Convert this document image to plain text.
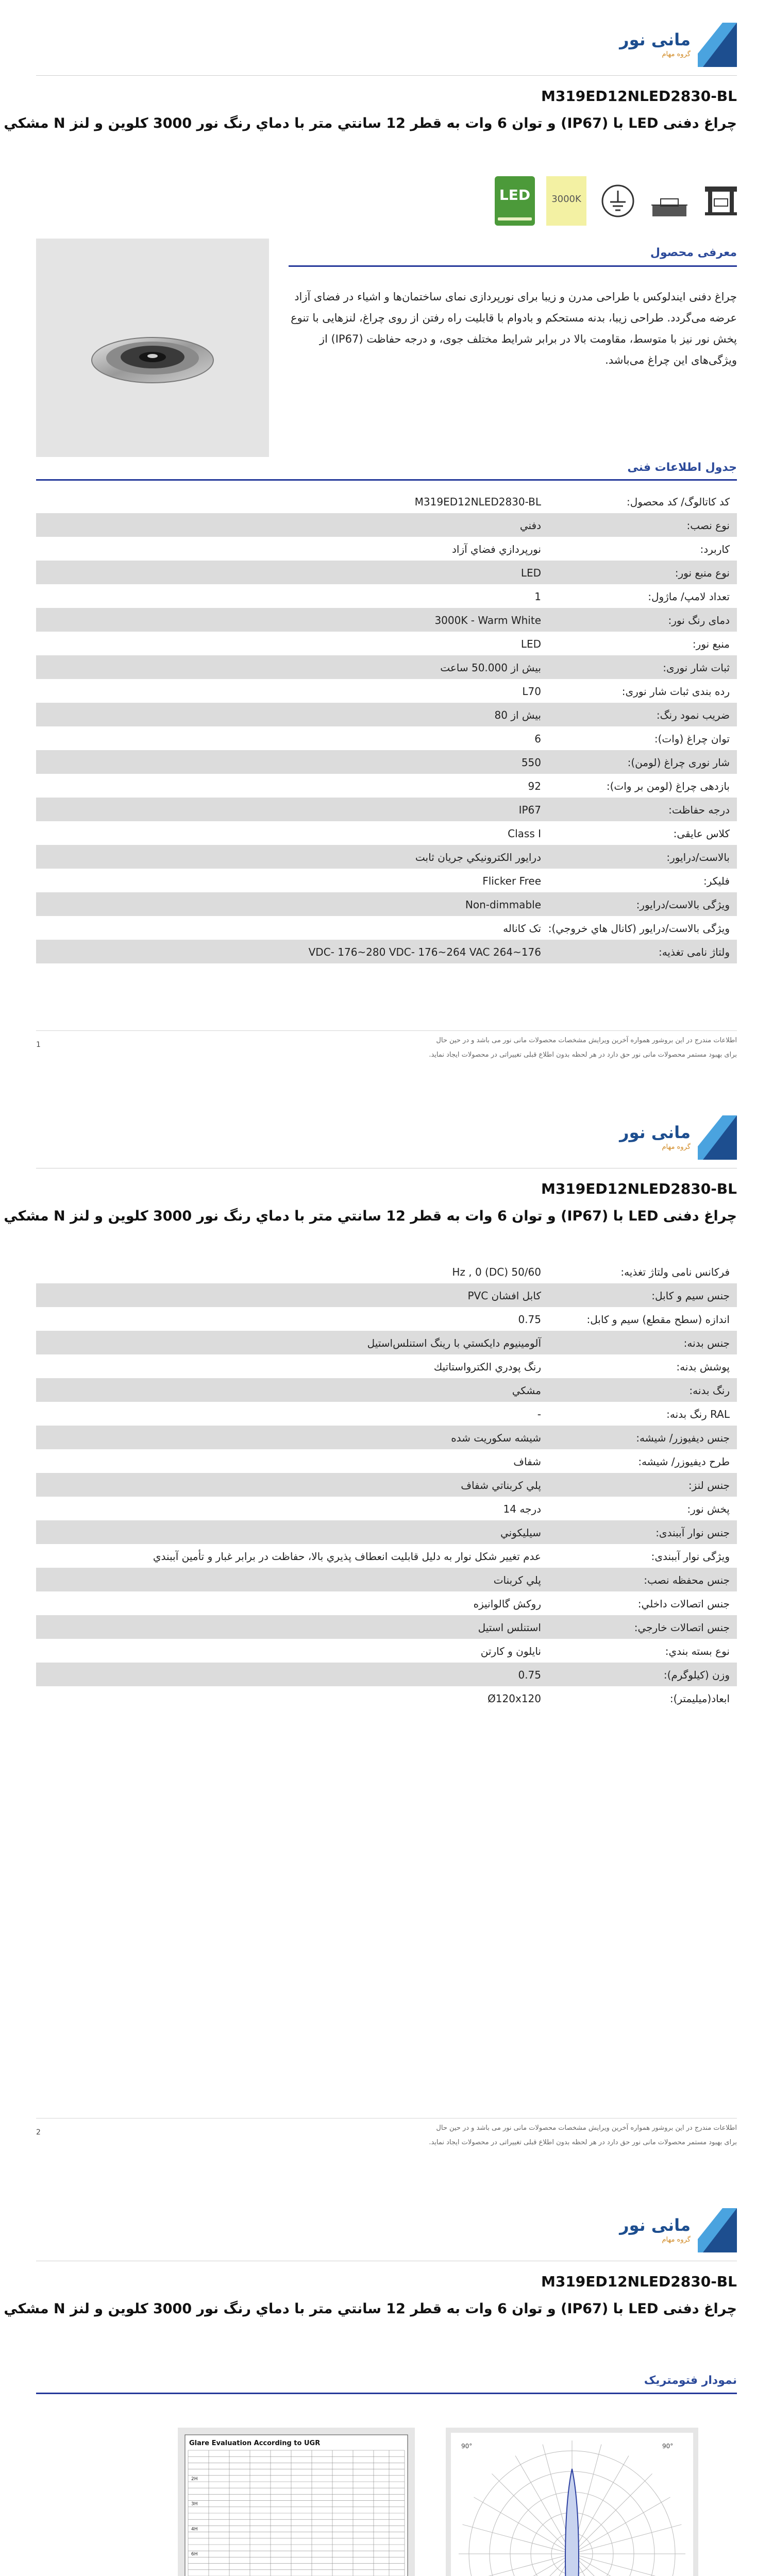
مانی نور
گروه مهام
M319ED12NLED2830-BL
چراغ دفنی LED با (IP67) و توان 6 وات به قطر 12 سانتي متر با دماي رنگ نور 3000 كلوين و لنز N مشكي
LED	3000K
معرفی محصول
چراغ دفنی ایندلوکس با طراحی مدرن و زیبا برای نورپردازی نمای ساختمان‌ها و اشیاء در فضای آزاد عرضه می‌گردد. طراحی زیبا، بدنه مستحکم و بادوام با قابلیت راه رفتن از روی چراغ، لنزهایی با تنوع پخش نور نیز با متوسط، مقاومت بالا در برابر شرایط مختلف جوی، و درجه حفاظت (IP67) از ویژگی‌های این چراغ می‌باشد.
جدول اطلاعات فنی
کد کاتالوگ/ کد محصول:
M319ED12NLED2830-BL
نوع نصب:
دفني
کاربرد:
نورپردازي فضاي آزاد
نوع منبع نور:
LED
تعداد لامپ/ ماژول:
1
دمای رنگ نور:
3000K - Warm White
منبع نور:
LED
ثبات شار نوری:
بیش از 50.000 ساعت
رده بندی ثبات شار نوری:
L70
ضریب نمود رنگ:
بیش از 80
توان چراغ (وات):
6
شار نوری چراغ (لومن):
550
بازدهی چراغ (لومن بر وات):
92
درجه حفاظت:
IP67
کلاس عایقی:
Class I
بالاست/درایور:
درايور الكترونيكي جريان ثابت
فلیکر:
Flicker Free
ویژگی بالاست/درایور:
Non-dimmable
ویژگی بالاست/درایور (کانال هاي خروجي):
تک کاناله
ولتاژ نامی تغذیه:
176~264 VDC- 176~280 VDC- 176~264 VAC
اطلاعات مندرج در این بروشور همواره آخرین ویرایش مشخصات محصولات مانی نور می باشد و در حین حال
برای بهبود مستمر محصولات مانی نور حق دارد در هر لحظه بدون اطلاع قبلی تغییراتی در محصولات ایجاد نماید.
1
مانی نور
گروه مهام
M319ED12NLED2830-BL
چراغ دفنی LED با (IP67) و توان 6 وات به قطر 12 سانتي متر با دماي رنگ نور 3000 كلوين و لنز N مشكي
فرکانس نامی ولتاژ تغذیه:
50/60 Hz , 0 (DC)
جنس سیم و کابل:
کابل افشان PVC
اندازه (سطح مقطع) سیم و کابل:
0.75
جنس بدنه:
آلومينيوم دايكستي با رينگ استنلس‌استيل
پوشش بدنه:
رنگ پودري الكترواستاتيك
رنگ بدنه:
مشكي
RAL رنگ بدنه:
-
جنس دیفیوزر/ شیشه:
شيشه سكوريت شده
طرح دیفیوزر/ شیشه:
شفاف
جنس لنز:
پلي كربناتي شفاف
پخش نور:
درجه 14
جنس نوار آببندی:
سيليكوني
ویژگی نوار آببندی:
عدم تغيير شكل نوار به دليل قابليت انعطاف پذيري بالا، حفاظت در برابر غبار و تأمين آببندي
جنس محفظه نصب:
پلي كربنات
جنس اتصالات داخلي:
روكش گالوانيزه
جنس اتصالات خارجي:
استنلس استيل
نوع بسته بندي:
نايلون و كارتن
وزن (كيلوگرم):
0.75
ابعاد(ميليمتر):
Ø120x120
اطلاعات مندرج در این بروشور همواره آخرین ویرایش مشخصات محصولات مانی نور می باشد و در حین حال
برای بهبود مستمر محصولات مانی نور حق دارد در هر لحظه بدون اطلاع قبلی تغییراتی در محصولات ایجاد نماید.
2
مانی نور
گروه مهام
M319ED12NLED2830-BL
چراغ دفنی LED با (IP67) و توان 6 وات به قطر 12 سانتي متر با دماي رنگ نور 3000 كلوين و لنز N مشكي
نمودار فتومتریک
Glare Evaluation According to UGR
2H
3H
4H
6H
90°	90°
